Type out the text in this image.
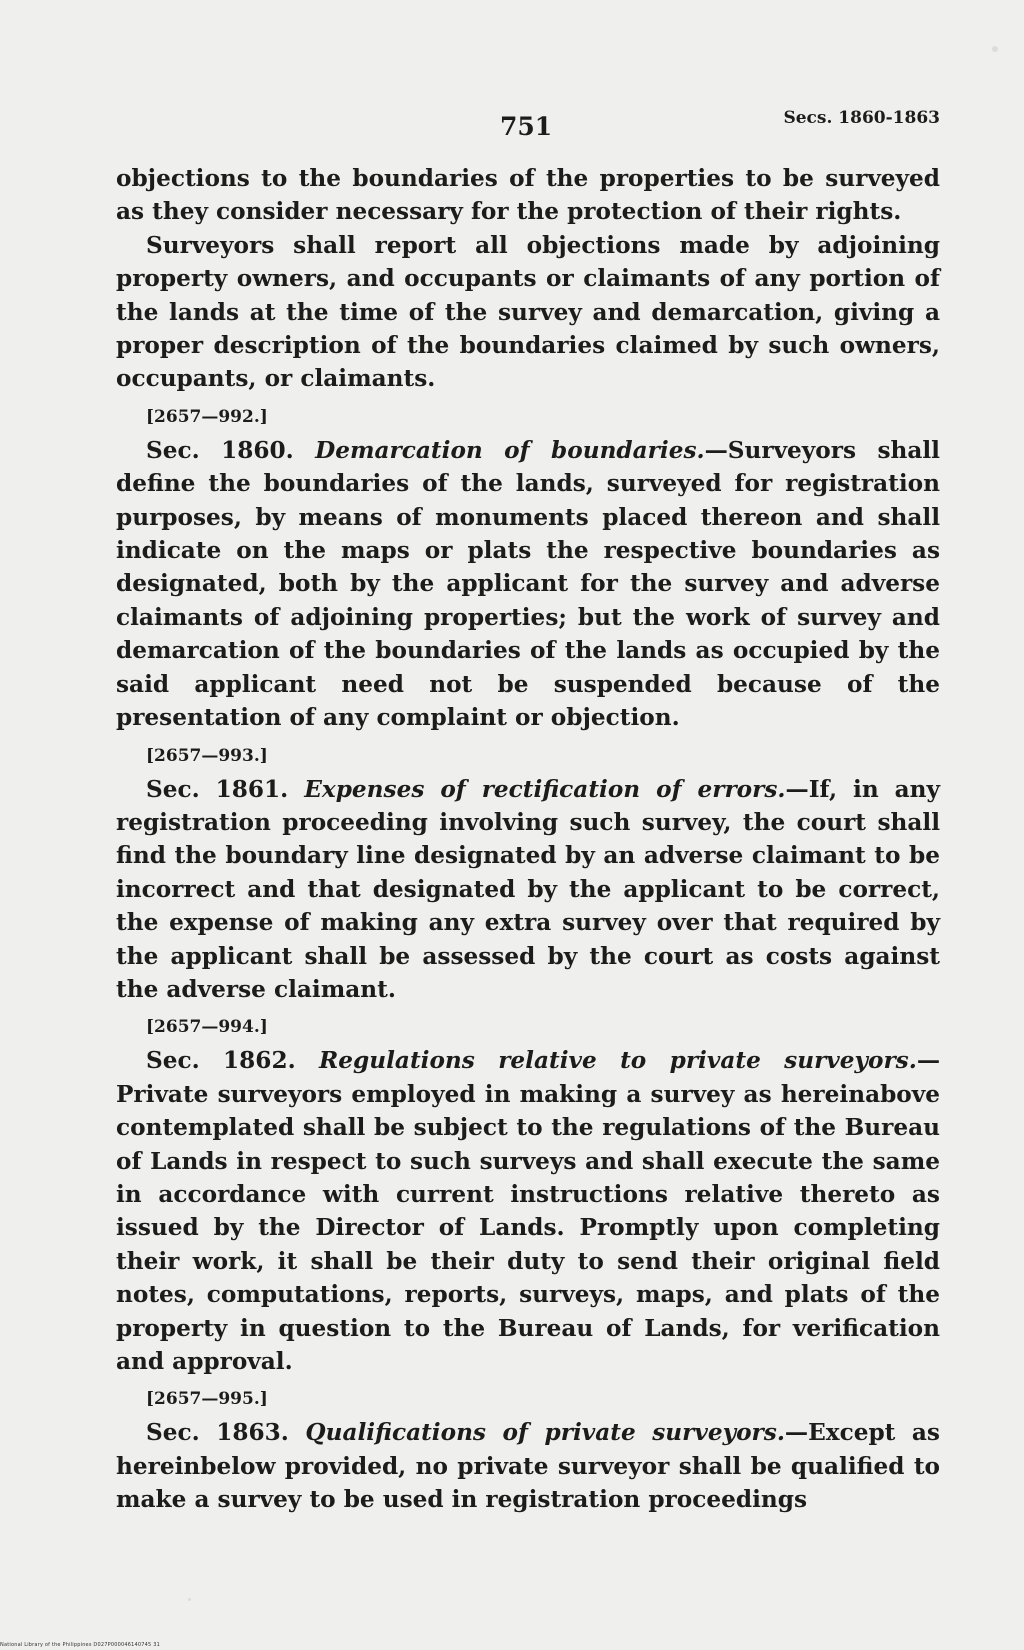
751	Secs. 1860-1863

objections to the boundaries of the properties to be surveyed as they consider necessary for the protection of their rights.

Surveyors shall report all objections made by adjoining property owners, and occupants or claimants of any portion of the lands at the time of the survey and demarcation, giving a proper description of the boundaries claimed by such owners, occupants, or claimants.

[2657—992.]

Sec. 1860. Demarcation of boundaries.—Surveyors shall define the boundaries of the lands, surveyed for registration purposes, by means of monuments placed thereon and shall indicate on the maps or plats the respective boundaries as designated, both by the applicant for the survey and adverse claimants of adjoining properties; but the work of survey and demarcation of the boundaries of the lands as occupied by the said applicant need not be suspended because of the presentation of any complaint or objection.

[2657—993.]

Sec. 1861. Expenses of rectification of errors.—If, in any registration proceeding involving such survey, the court shall find the boundary line designated by an adverse claimant to be incorrect and that designated by the applicant to be correct, the expense of making any extra survey over that required by the applicant shall be assessed by the court as costs against the adverse claimant.

[2657—994.]

Sec. 1862. Regulations relative to private surveyors.—Private surveyors employed in making a survey as hereinabove contemplated shall be subject to the regulations of the Bureau of Lands in respect to such surveys and shall execute the same in accordance with current instructions relative thereto as issued by the Director of Lands. Promptly upon completing their work, it shall be their duty to send their original field notes, computations, reports, surveys, maps, and plats of the property in question to the Bureau of Lands, for verification and approval.

[2657—995.]

Sec. 1863. Qualifications of private surveyors.—Except as hereinbelow provided, no private surveyor shall be qualified to make a survey to be used in registration proceedings

National Library of the Philippines D027P000046140745 31
